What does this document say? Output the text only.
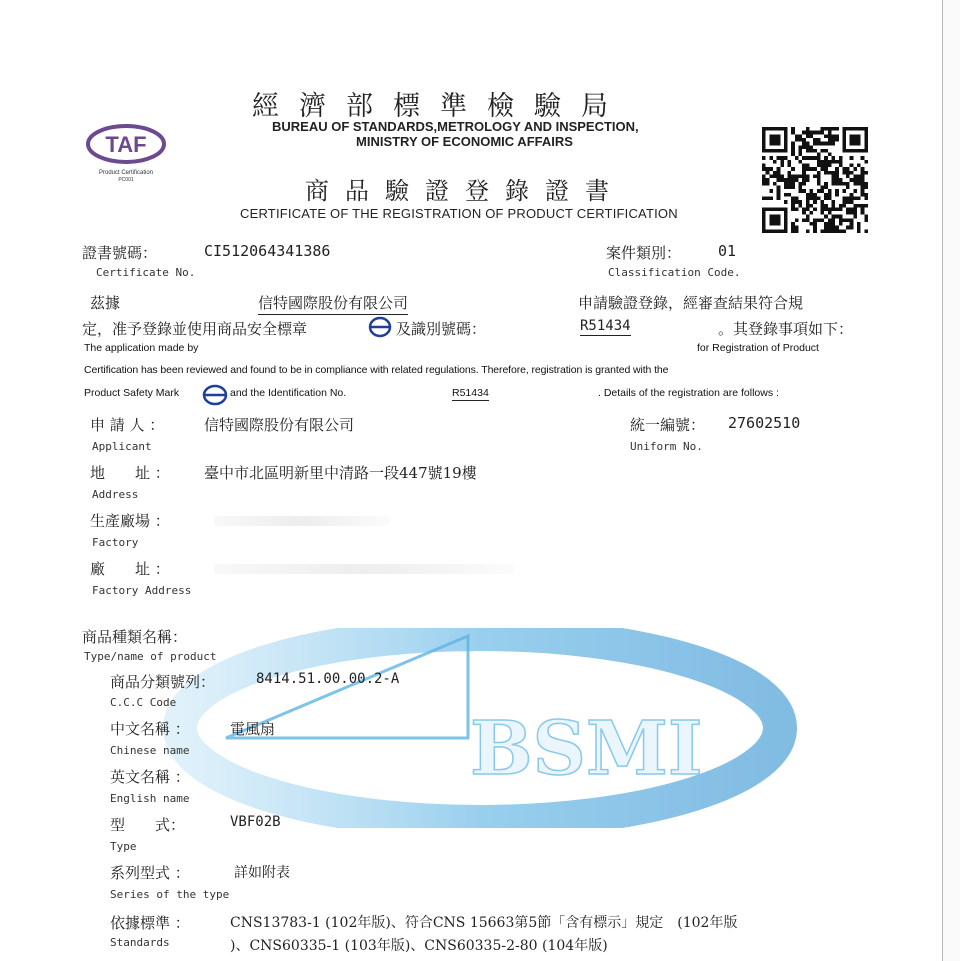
BSMI
TAF
Product Certification
PC001
經濟部標準檢驗局
BUREAU OF STANDARDS,METROLOGY AND INSPECTION,
MINISTRY OF ECONOMIC AFFAIRS
商品驗證登錄證書
CERTIFICATE OF THE REGISTRATION OF PRODUCT CERTIFICATION
證書號碼：	CI512064341386
Certificate No.
案件類別： 01
Classification Code.
茲據	信特國際股份有限公司	申請驗證登錄，經審查結果符合規
定，准予登錄並使用商品安全標章	及識別號碼：	R51434	。其登錄事項如下：
The application made by	for Registration of Product
Certification has been reviewed and found to be in compliance with related regulations. Therefore, registration is granted with the
Product Safety Mark	and the Identification No.	R51434	. Details of the registration are follows :
申 請 人 ：	信特國際股份有限公司
Applicant
統一編號： 27602510
Uniform No.
地　　址 ： 臺中市北區明新里中清路一段447號19樓
Address
生產廠場 ：
Factory
廠　　址 ：
Factory Address
商品種類名稱：
Type/name of product
商品分類號列：	8414.51.00.00.2-A
C.C.C Code
中文名稱 ：	電風扇
Chinese name
英文名稱 ：
English name
型　　式：	VBF02B
Type
系列型式 ：	詳如附表
Series of the type
依據標準 ：
Standards
CNS13783-1 (102年版)、符合CNS 15663第5節「含有標示」規定　(102年版
)、CNS60335-1 (103年版)、CNS60335-2-80 (104年版)
